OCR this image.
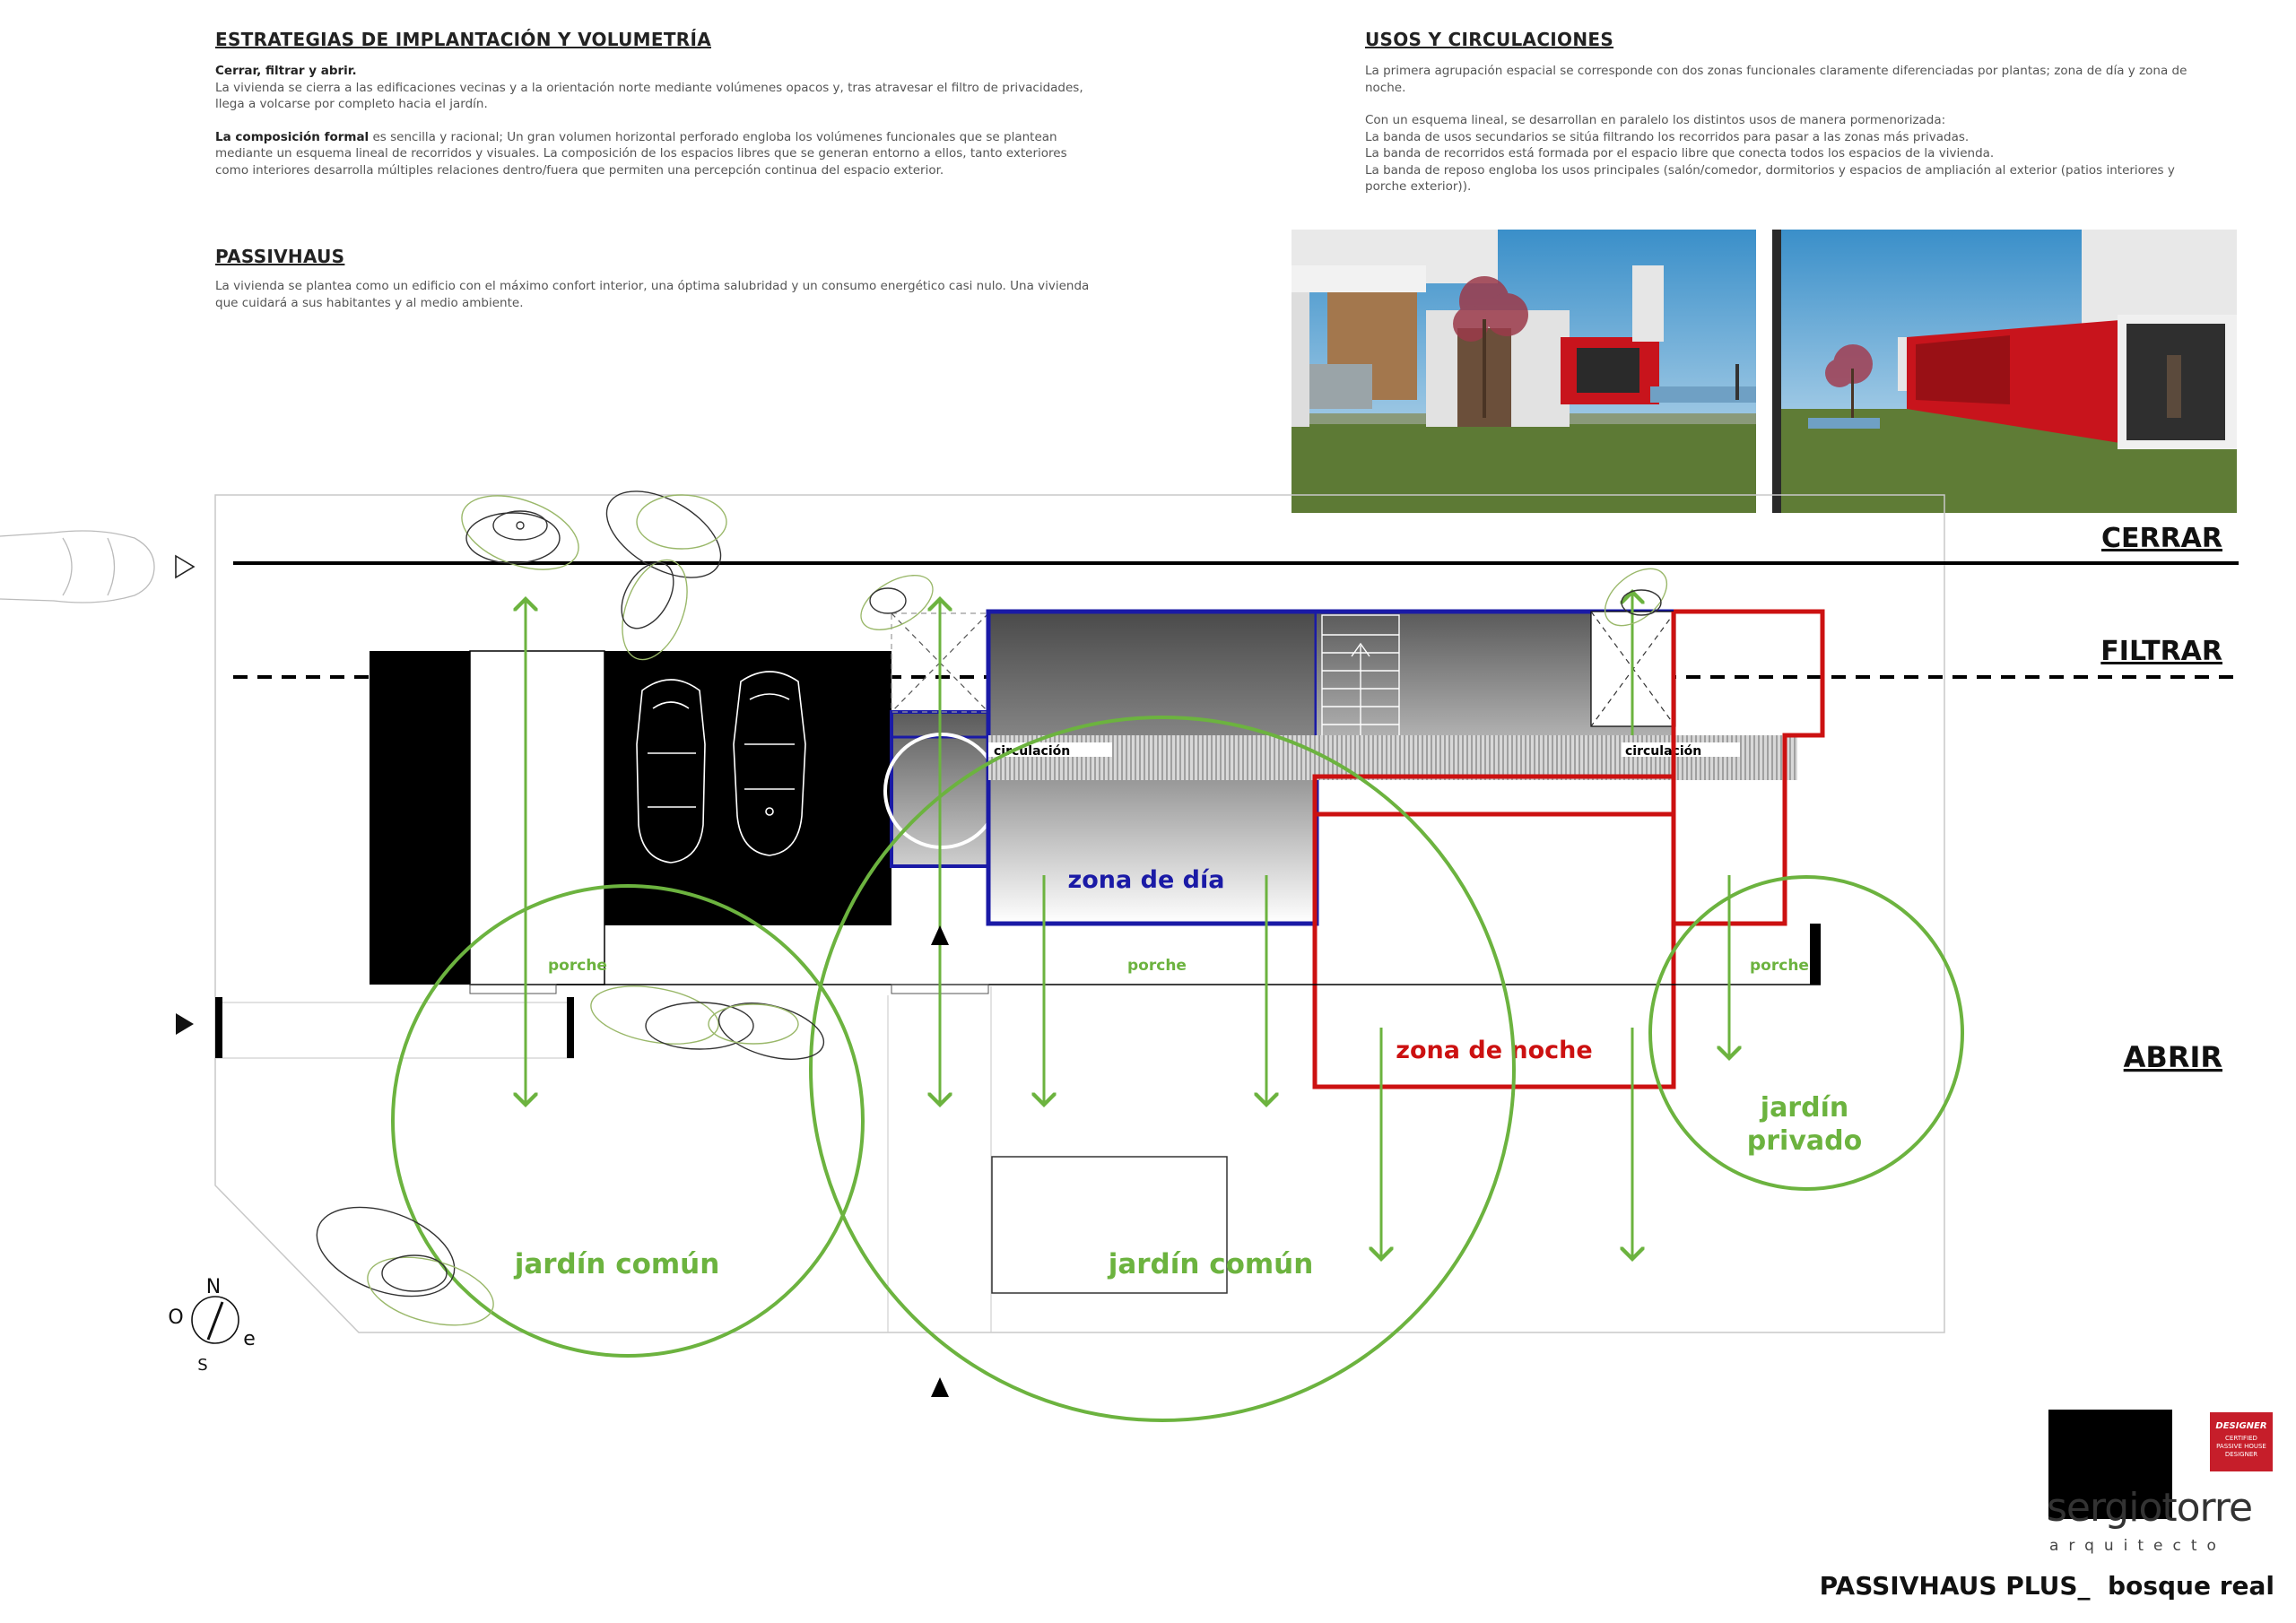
ESTRATEGIAS DE IMPLANTACIÓN Y VOLUMETRÍA
Cerrar, filtrar y abrir.
La vivienda se cierra a las edificaciones vecinas y a la orientación norte mediante volúmenes opacos y, tras atravesar el filtro de privacidades, llega a volcarse por completo hacia el jardín.
La composición formal es sencilla y racional; Un gran volumen horizontal perforado engloba los volúmenes funcionales que se plantean mediante un esquema lineal de recorridos y visuales. La composición de los espacios libres que se generan entorno a ellos, tanto exteriores como interiores desarrolla múltiples relaciones dentro/fuera que permiten una percepción continua del espacio exterior.
PASSIVHAUS
La vivienda se plantea como un edificio con el máximo confort interior, una óptima salubridad y un consumo energético casi nulo. Una vivienda que cuidará a sus habitantes y al medio ambiente.
USOS Y CIRCULACIONES
La primera agrupación espacial se corresponde con dos zonas funcionales claramente diferenciadas por plantas; zona de día y zona de noche.
Con un esquema lineal, se desarrollan en paralelo los distintos usos de manera pormenorizada:
La banda de usos secundarios se sitúa filtrando los recorridos para pasar a las zonas más privadas.
La banda de recorridos está formada por el espacio libre que conecta todos los espacios de la vivienda.
La banda de reposo engloba los usos principales (salón/comedor, dormitorios y espacios de ampliación al exterior (patios interiores y porche exterior)).
circulación	circulación
zona de día
zona de noche
porche	porche	porche
jardín común	jardín común
jardín
privado
N
O
e
S
CERRAR
FILTRAR
ABRIR
DESIGNER
CERTIFIED PASSIVE HOUSE DESIGNER
sergiotorre
arquitecto
PASSIVHAUS PLUS_  bosque real
